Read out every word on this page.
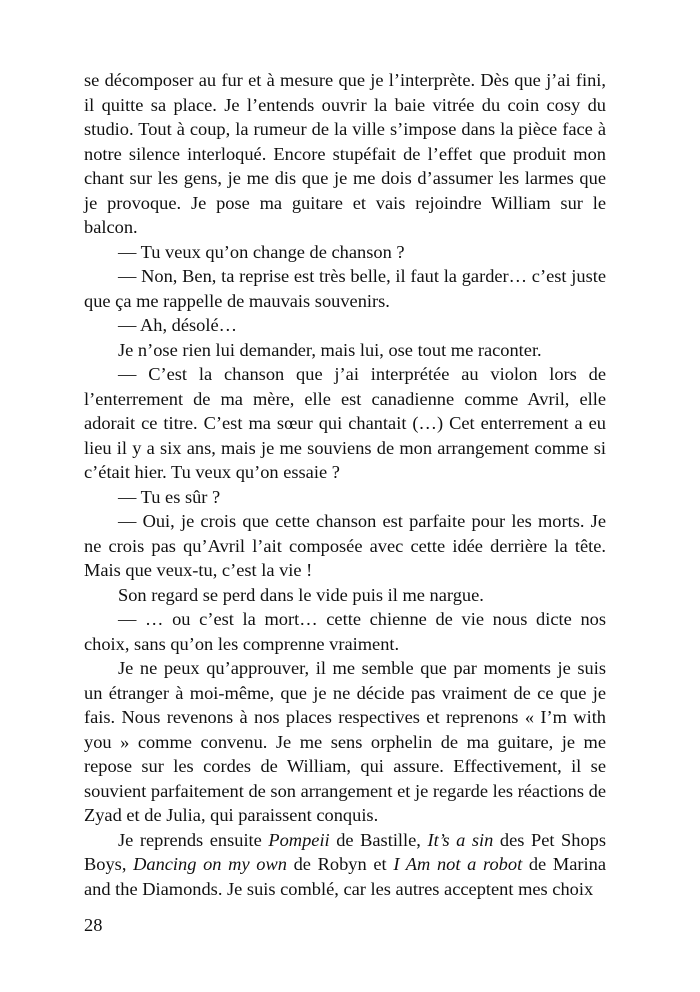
se décomposer au fur et à mesure que je l’interprète. Dès que j’ai fini, il quitte sa place. Je l’entends ouvrir la baie vitrée du coin cosy du studio. Tout à coup, la rumeur de la ville s’impose dans la pièce face à notre silence interloqué. Encore stupéfait de l’effet que produit mon chant sur les gens, je me dis que je me dois d’assumer les larmes que je provoque. Je pose ma guitare et vais rejoindre William sur le balcon.

— Tu veux qu’on change de chanson ?

— Non, Ben, ta reprise est très belle, il faut la garder… c’est juste que ça me rappelle de mauvais souvenirs.

— Ah, désolé…

Je n’ose rien lui demander, mais lui, ose tout me raconter.

— C’est la chanson que j’ai interprétée au violon lors de l’enterrement de ma mère, elle est canadienne comme Avril, elle adorait ce titre. C’est ma sœur qui chantait (…) Cet enterrement a eu lieu il y a six ans, mais je me souviens de mon arrangement comme si c’était hier. Tu veux qu’on essaie ?

— Tu es sûr ?

— Oui, je crois que cette chanson est parfaite pour les morts. Je ne crois pas qu’Avril l’ait composée avec cette idée derrière la tête. Mais que veux-tu, c’est la vie !

Son regard se perd dans le vide puis il me nargue.

— … ou c’est la mort… cette chienne de vie nous dicte nos choix, sans qu’on les comprenne vraiment.

Je ne peux qu’approuver, il me semble que par moments je suis un étranger à moi-même, que je ne décide pas vraiment de ce que je fais. Nous revenons à nos places respectives et reprenons « I’m with you » comme convenu. Je me sens orphelin de ma guitare, je me repose sur les cordes de William, qui assure. Effectivement, il se souvient parfaitement de son arrangement et je regarde les réactions de Zyad et de Julia, qui paraissent conquis.

Je reprends ensuite Pompeii de Bastille, It’s a sin des Pet Shops Boys, Dancing on my own de Robyn et I Am not a robot de Marina and the Diamonds. Je suis comblé, car les autres acceptent mes choix

28
